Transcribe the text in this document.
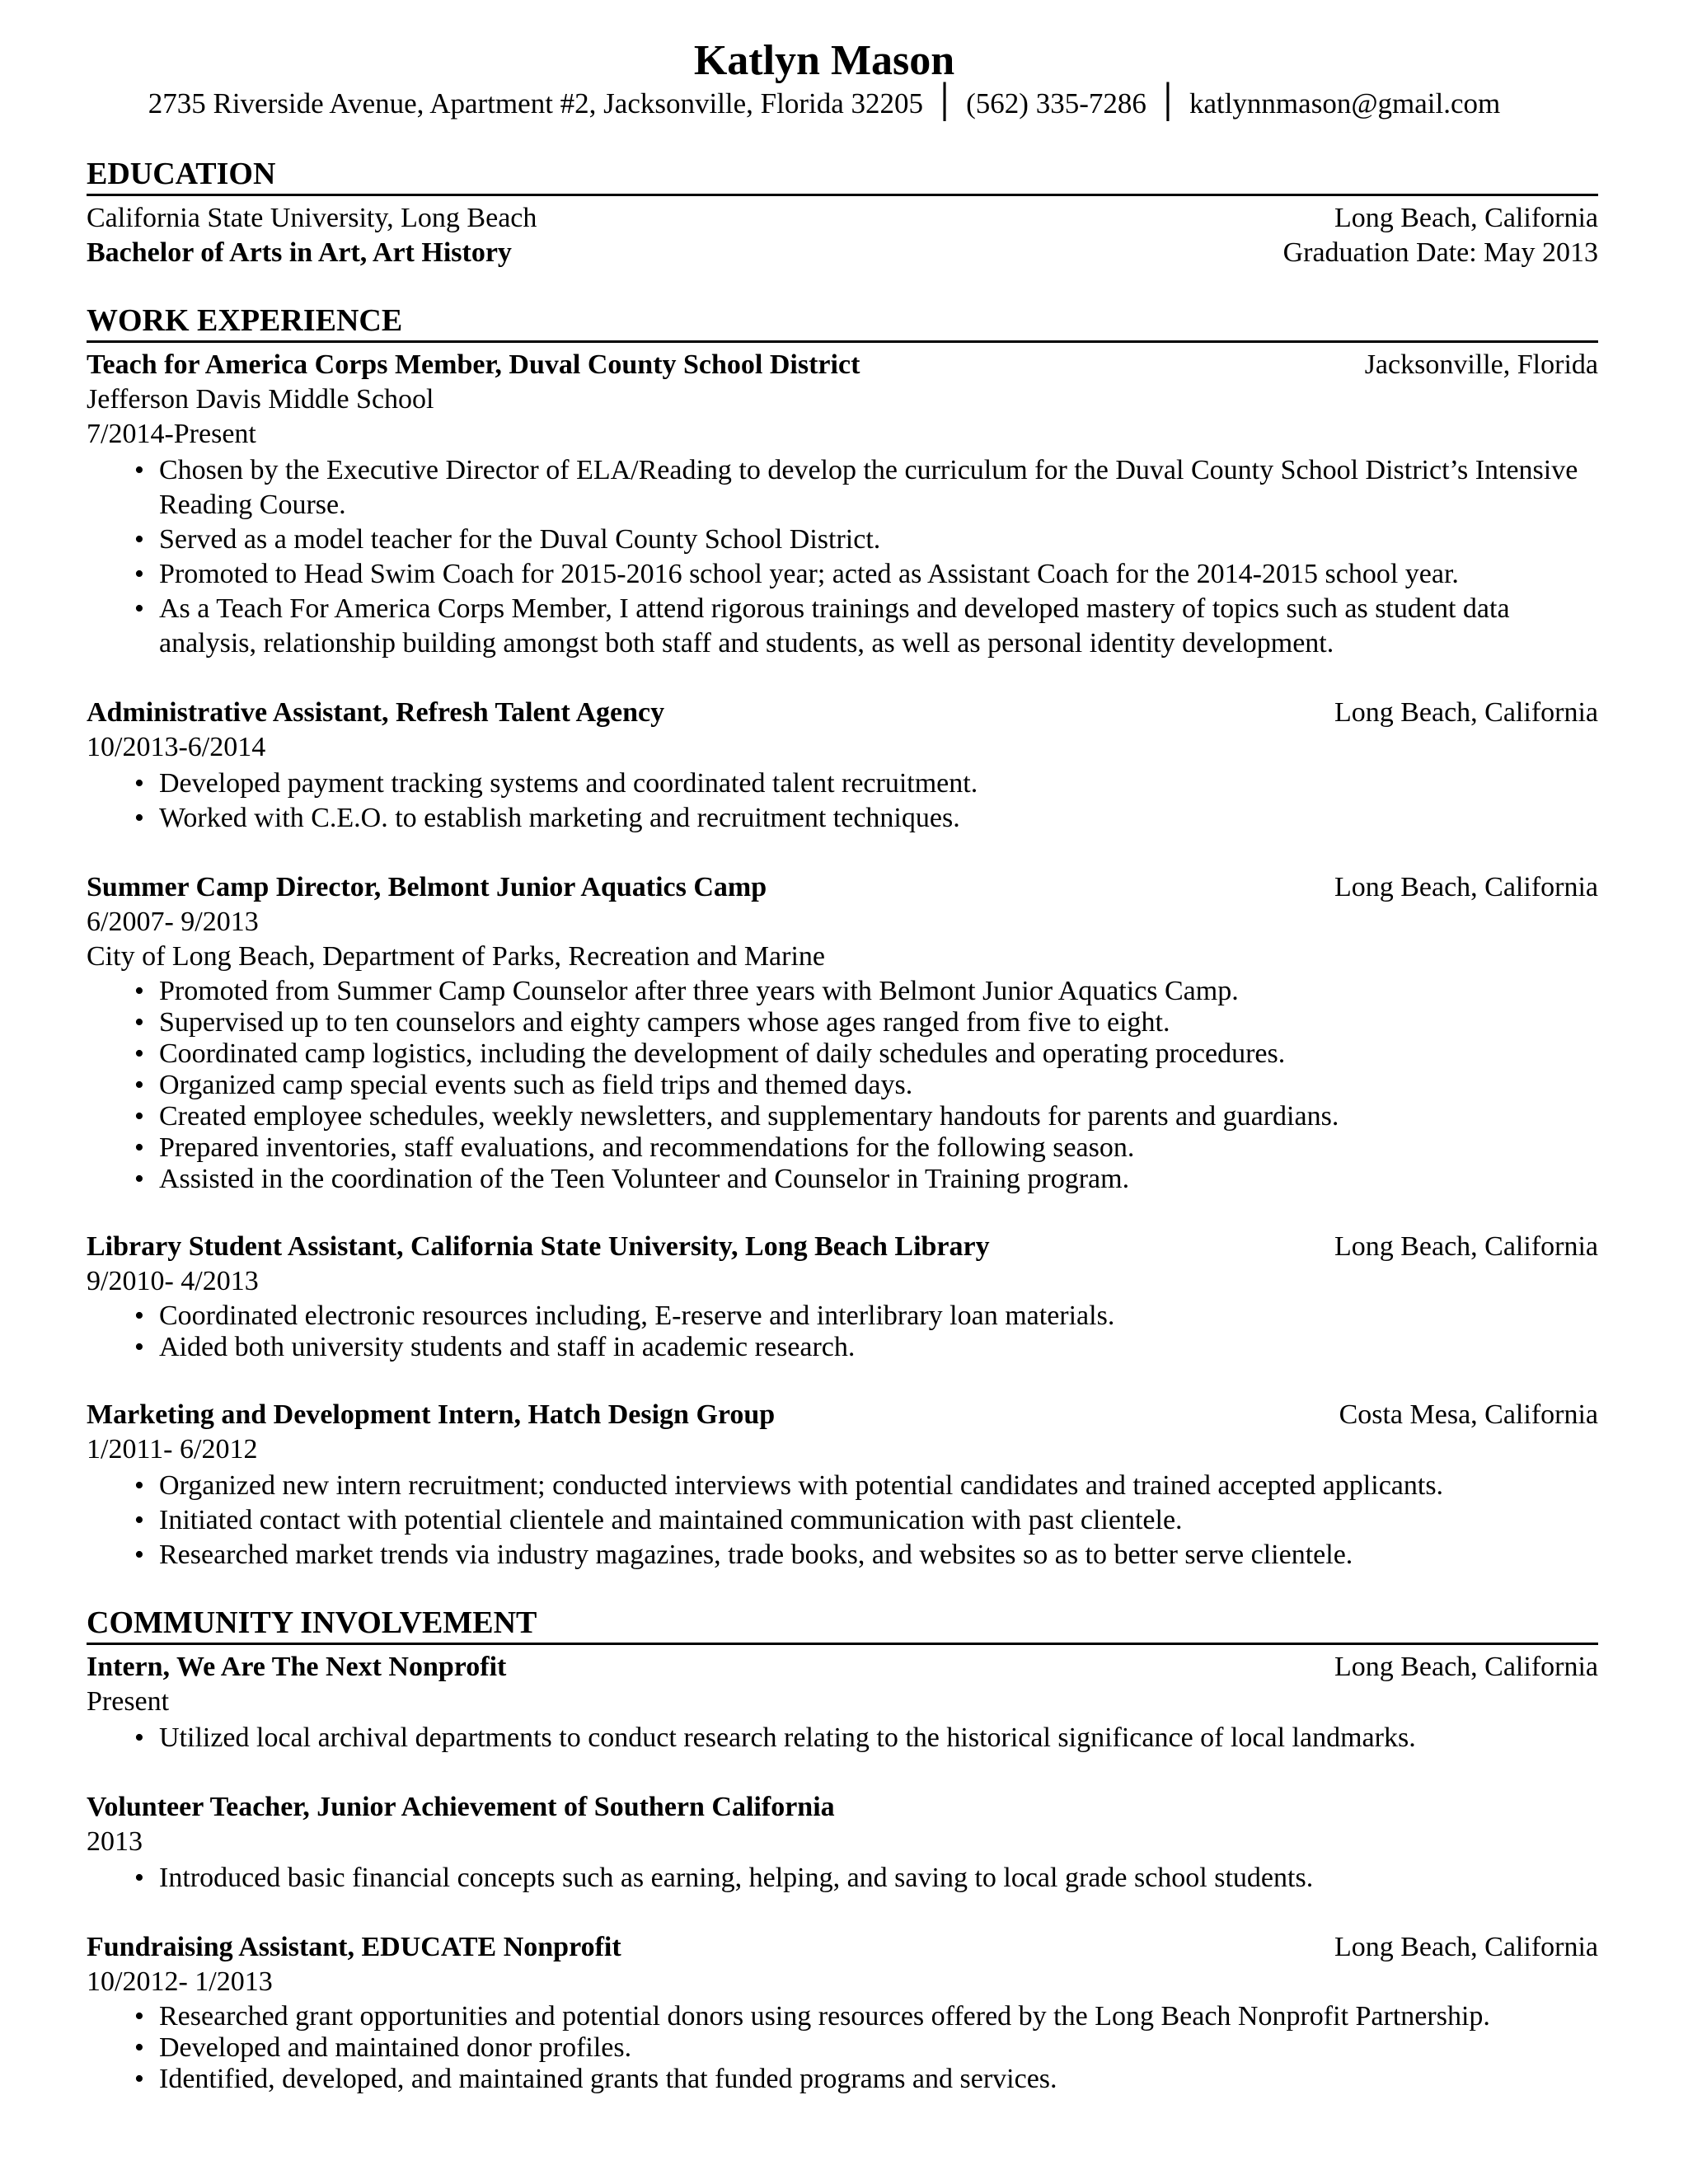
Katlyn Mason
2735 Riverside Avenue, Apartment #2, Jacksonville, Florida 32205 │ (562) 335-7286 │ katlynnmason@gmail.com
EDUCATION
California State University, Long Beach	Long Beach, California
Bachelor of Arts in Art, Art History	Graduation Date: May 2013
WORK EXPERIENCE
Teach for America Corps Member, Duval County School District	Jacksonville, Florida
Jefferson Davis Middle School
7/2014-Present
• Chosen by the Executive Director of ELA/Reading to develop the curriculum for the Duval County School District’s Intensive Reading Course.
• Served as a model teacher for the Duval County School District.
• Promoted to Head Swim Coach for 2015-2016 school year; acted as Assistant Coach for the 2014-2015 school year.
• As a Teach For America Corps Member, I attend rigorous trainings and developed mastery of topics such as student data analysis, relationship building amongst both staff and students, as well as personal identity development.
Administrative Assistant, Refresh Talent Agency	Long Beach, California
10/2013-6/2014
• Developed payment tracking systems and coordinated talent recruitment.
• Worked with C.E.O. to establish marketing and recruitment techniques.
Summer Camp Director, Belmont Junior Aquatics Camp	Long Beach, California
6/2007- 9/2013
City of Long Beach, Department of Parks, Recreation and Marine
• Promoted from Summer Camp Counselor after three years with Belmont Junior Aquatics Camp.
• Supervised up to ten counselors and eighty campers whose ages ranged from five to eight.
• Coordinated camp logistics, including the development of daily schedules and operating procedures.
• Organized camp special events such as field trips and themed days.
• Created employee schedules, weekly newsletters, and supplementary handouts for parents and guardians.
• Prepared inventories, staff evaluations, and recommendations for the following season.
• Assisted in the coordination of the Teen Volunteer and Counselor in Training program.
Library Student Assistant, California State University, Long Beach Library	Long Beach, California
9/2010- 4/2013
• Coordinated electronic resources including, E-reserve and interlibrary loan materials.
• Aided both university students and staff in academic research.
Marketing and Development Intern, Hatch Design Group	Costa Mesa, California
1/2011- 6/2012
• Organized new intern recruitment; conducted interviews with potential candidates and trained accepted applicants.
• Initiated contact with potential clientele and maintained communication with past clientele.
• Researched market trends via industry magazines, trade books, and websites so as to better serve clientele.
COMMUNITY INVOLVEMENT
Intern, We Are The Next Nonprofit	Long Beach, California
Present
• Utilized local archival departments to conduct research relating to the historical significance of local landmarks.
Volunteer Teacher, Junior Achievement of Southern California
2013
• Introduced basic financial concepts such as earning, helping, and saving to local grade school students.
Fundraising Assistant, EDUCATE Nonprofit	Long Beach, California
10/2012- 1/2013
• Researched grant opportunities and potential donors using resources offered by the Long Beach Nonprofit Partnership.
• Developed and maintained donor profiles.
• Identified, developed, and maintained grants that funded programs and services.
